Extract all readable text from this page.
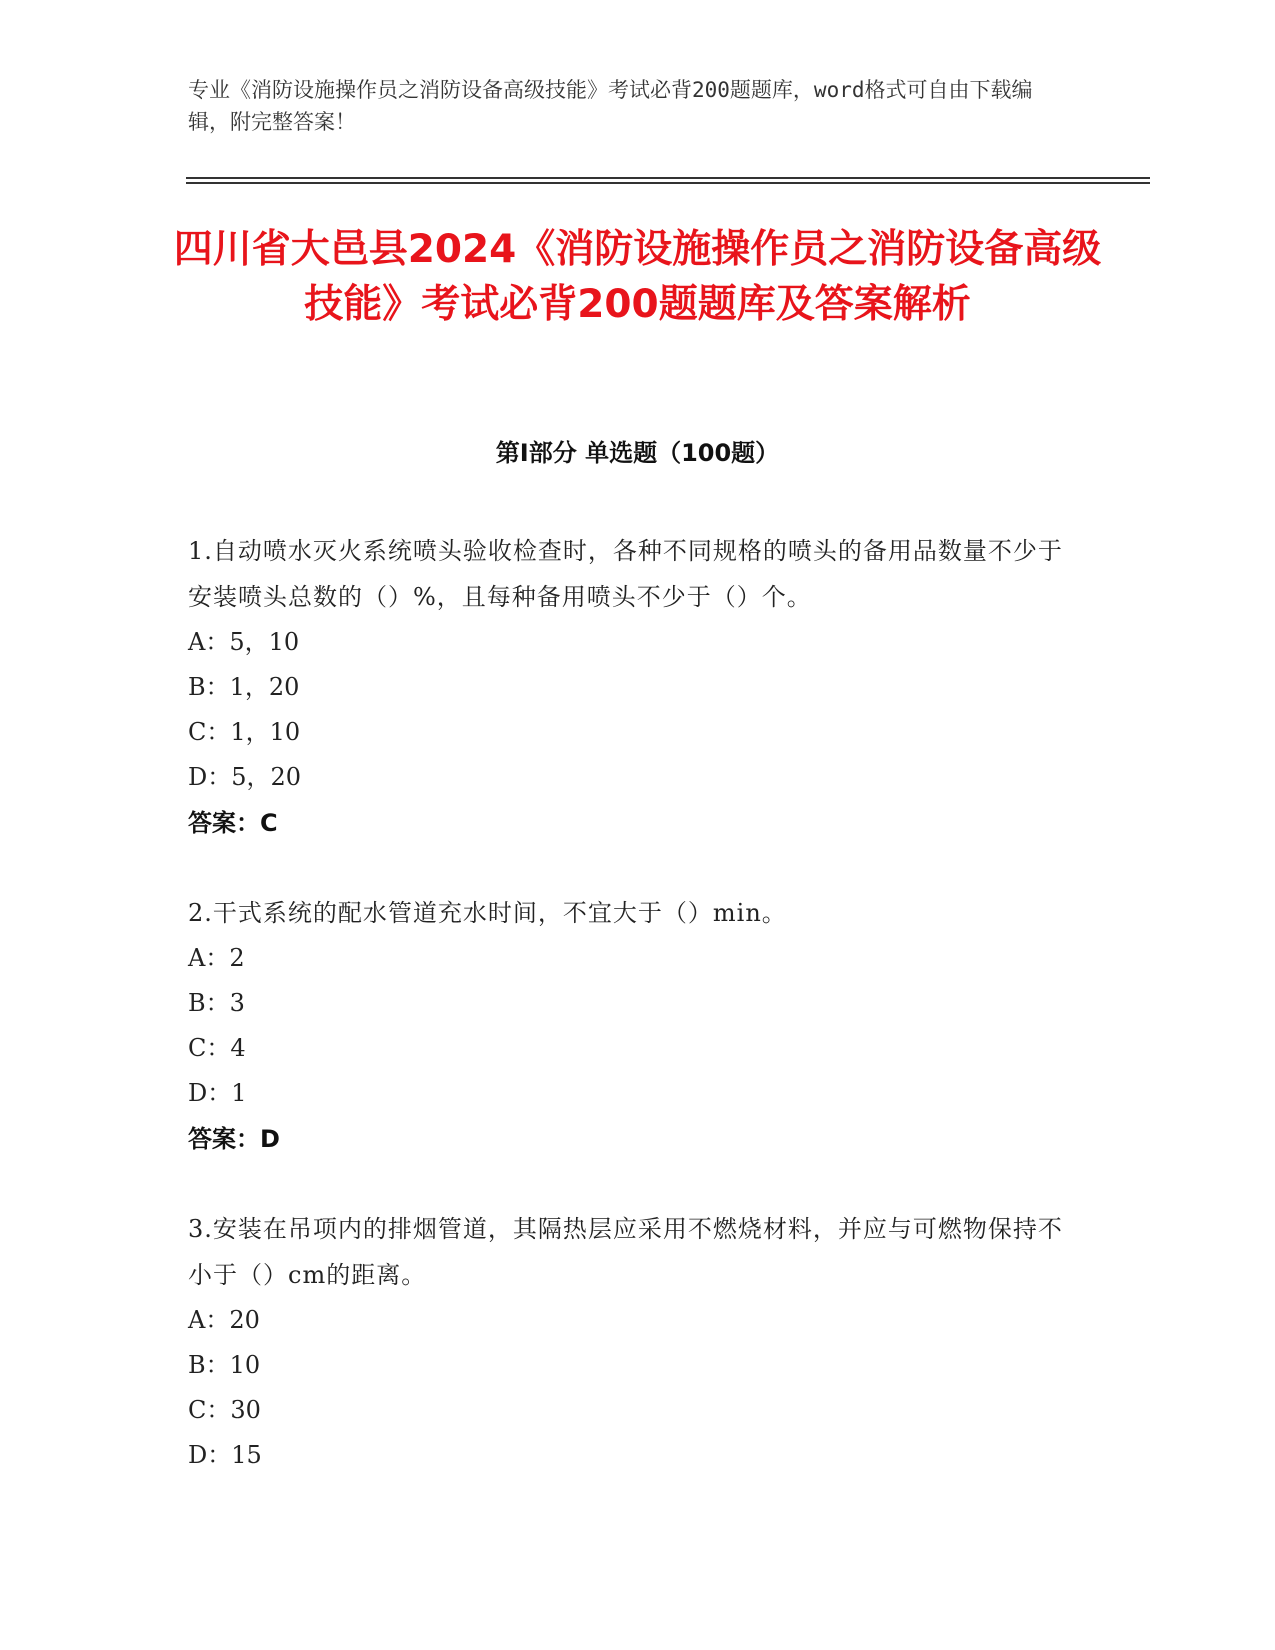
专业《消防设施操作员之消防设备高级技能》考试必背200题题库，word格式可自由下载编辑，附完整答案！
四川省大邑县2024《消防设施操作员之消防设备高级技能》考试必背200题题库及答案解析
第Ⅰ部分 单选题（100题）
1.自动喷水灭火系统喷头验收检查时，各种不同规格的喷头的备用品数量不少于安装喷头总数的（）%，且每种备用喷头不少于（）个。
A：5，10
B：1，20
C：1，10
D：5，20
答案：C
2.干式系统的配水管道充水时间，不宜大于（）min。
A：2
B：3
C：4
D：1
答案：D
3.安装在吊项内的排烟管道，其隔热层应采用不燃烧材料，并应与可燃物保持不小于（）cm的距离。
A：20
B：10
C：30
D：15
